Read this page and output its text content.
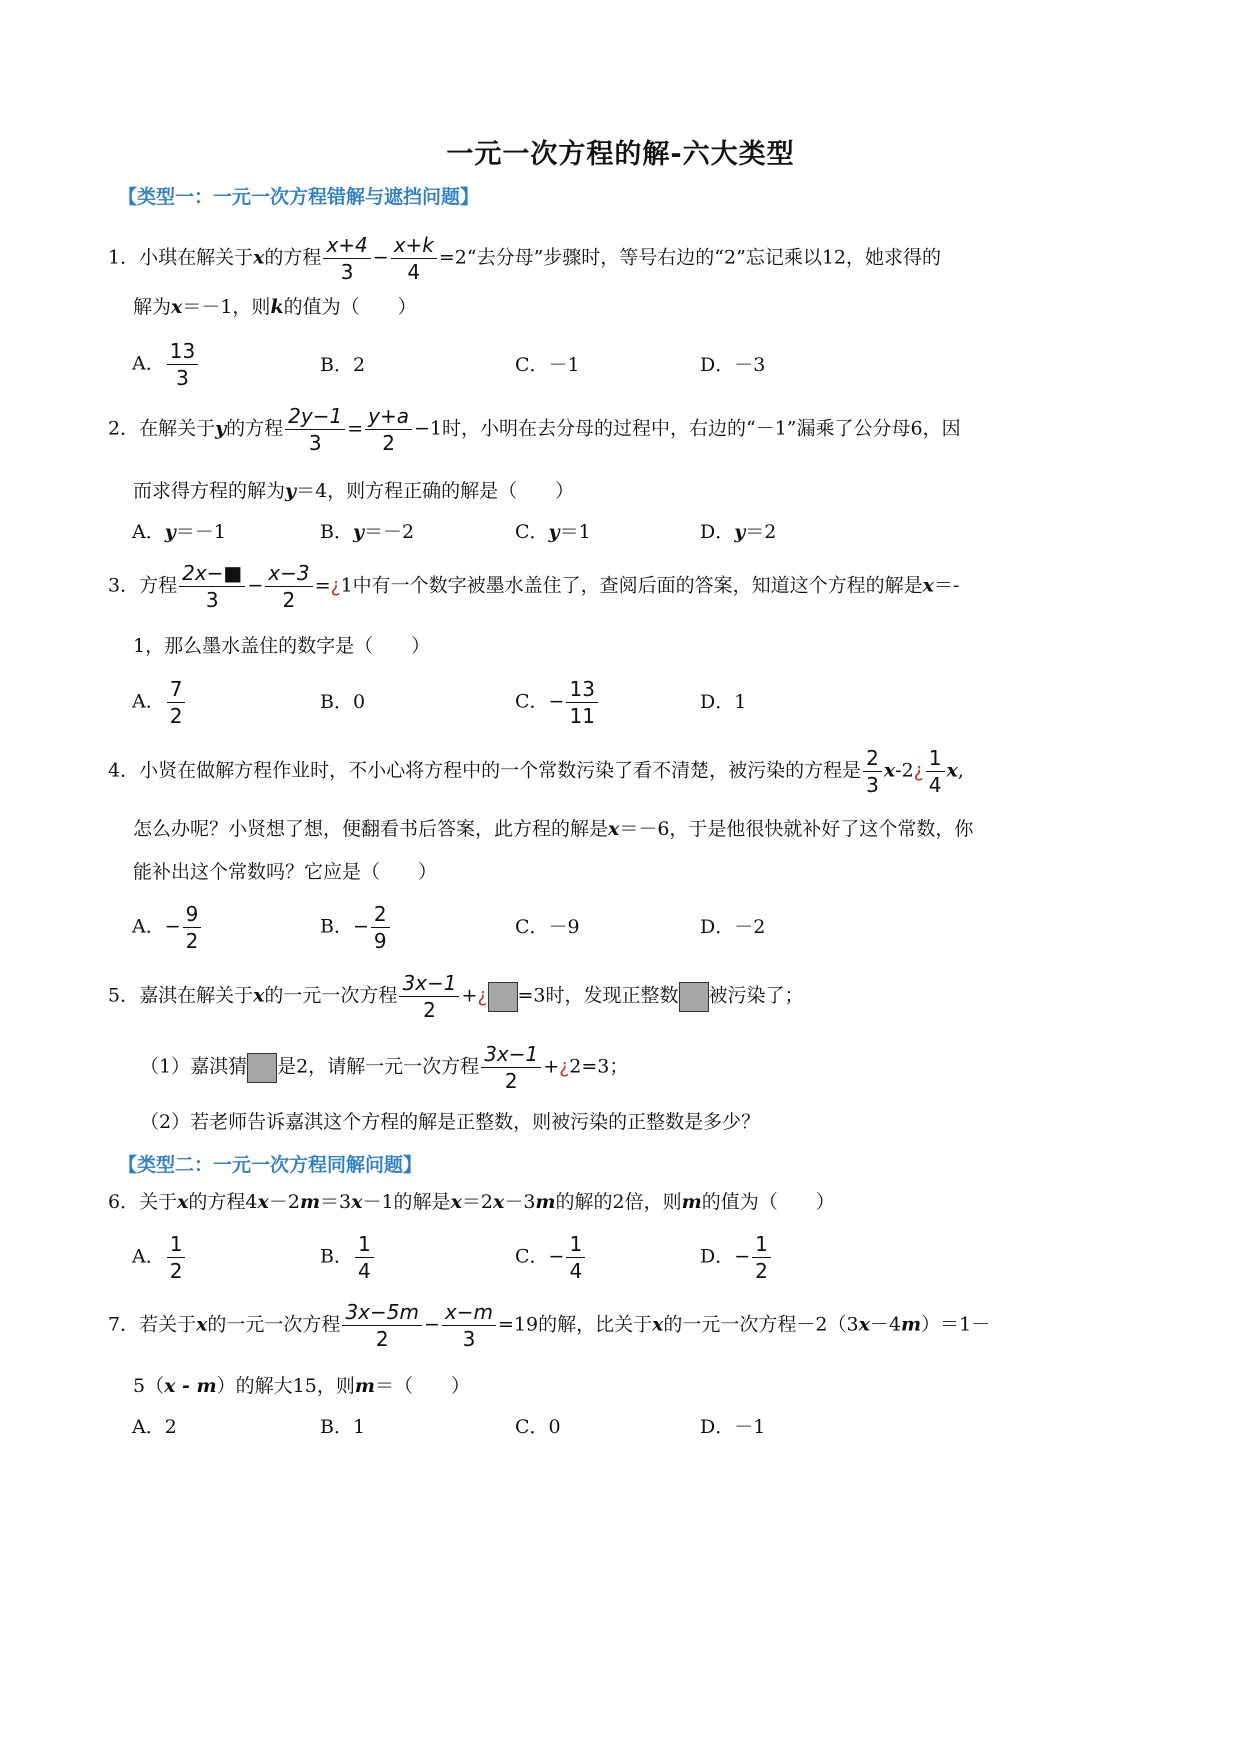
一元一次方程的解-六大类型
【类型一：一元一次方程错解与遮挡问题】
1．小琪在解关于x的方程 $\frac{x+4}{3} - \frac{x+k}{4}$ =2“去分母”步骤时，等号右边的“2”忘记乘以12，她求得的
解为x＝－1，则k的值为（　　）
A． $\frac{13}{3}$	B．2	C．－1	D．－3
2．在解关于y的方程 $\frac{2y-1}{3} = \frac{y+a}{2} -1$时，小明在去分母的过程中，右边的“－1”漏乘了公分母6，因
而求得方程的解为y＝4，则方程正确的解是（　　）
A．y＝－1	B．y＝－2	C．y＝1	D．y＝2
3．方程 $\frac{2x-■}{3} - \frac{x-3}{2}$ =¿1中有一个数字被墨水盖住了，查阅后面的答案，知道这个方程的解是x＝-
1，那么墨水盖住的数字是（　　）
A． $\frac{7}{2}$	B．0	C．− $\frac{13}{11}$	D．1
4．小贤在做解方程作业时，不小心将方程中的一个常数污染了看不清楚，被污染的方程是 $\frac{2}{3}$ x-2¿ $\frac{1}{4} x$,
怎么办呢？小贤想了想，便翻看书后答案，此方程的解是x＝－6，于是他很快就补好了这个常数，你
能补出这个常数吗？它应是（　　）
A．− $\frac{9}{2}$	B．− $\frac{2}{9}$	C．－9	D．－2
5．嘉淇在解关于x的一元一次方程 $\frac{3x-1}{2}$ +¿ =3时，发现正整数 被污染了；
（1）嘉淇猜 是2，请解一元一次方程 $\frac{3x-1}{2}$ +¿2=3；
（2）若老师告诉嘉淇这个方程的解是正整数，则被污染的正整数是多少？
【类型二：一元一次方程同解问题】
6．关于x的方程4x－2m＝3x－1的解是x＝2x－3m的解的2倍，则m的值为（　　）
A． $\frac{1}{2}$	B． $\frac{1}{4}$	C．− $\frac{1}{4}$	D．− $\frac{1}{2}$
7．若关于x的一元一次方程 $\frac{3x-5m}{2} - \frac{x-m}{3} =19$的解，比关于x的一元一次方程－2（3x－4m）＝1－
5（x - m）的解大15，则m＝（　　）
A．2	B．1	C．0	D．－1
